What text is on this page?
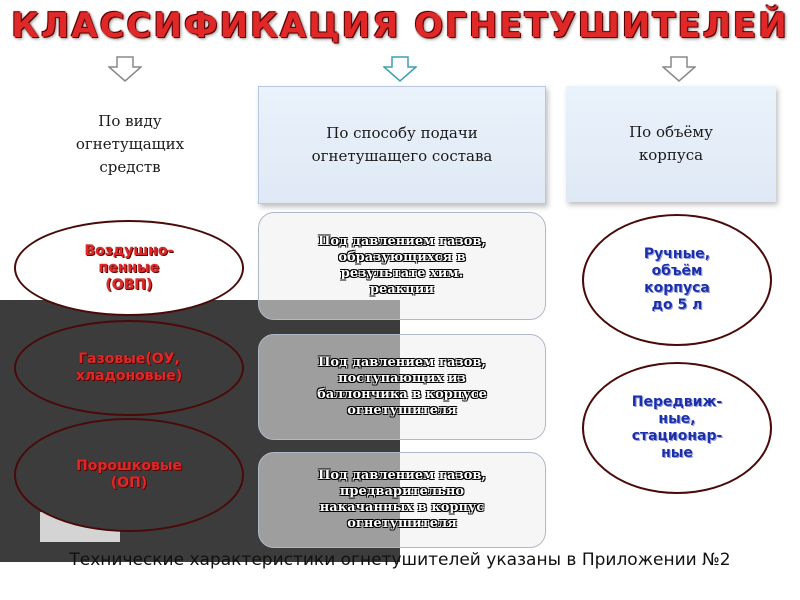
КЛАССИФИКАЦИЯ ОГНЕТУШИТЕЛЕЙ
По виду огнетущащих средств
По способу подачи огнетушащего состава
По объёму корпуса
Воздушно-пенные (ОВП)
Газовые(ОУ, хладоновые)
Порошковые (ОП)
Под давлением газов, образующихся в результате хим. реакции
Под давлением газов, поступающих из баллончика в корпусе огнетушителя
Под давлением газов, предварительно накачанных в корпус огнетушителя
Ручные, объём корпуса до 5 л
Передвиж-ные, стационар-ные
Технические характеристики огнетушителей указаны в Приложении №2
